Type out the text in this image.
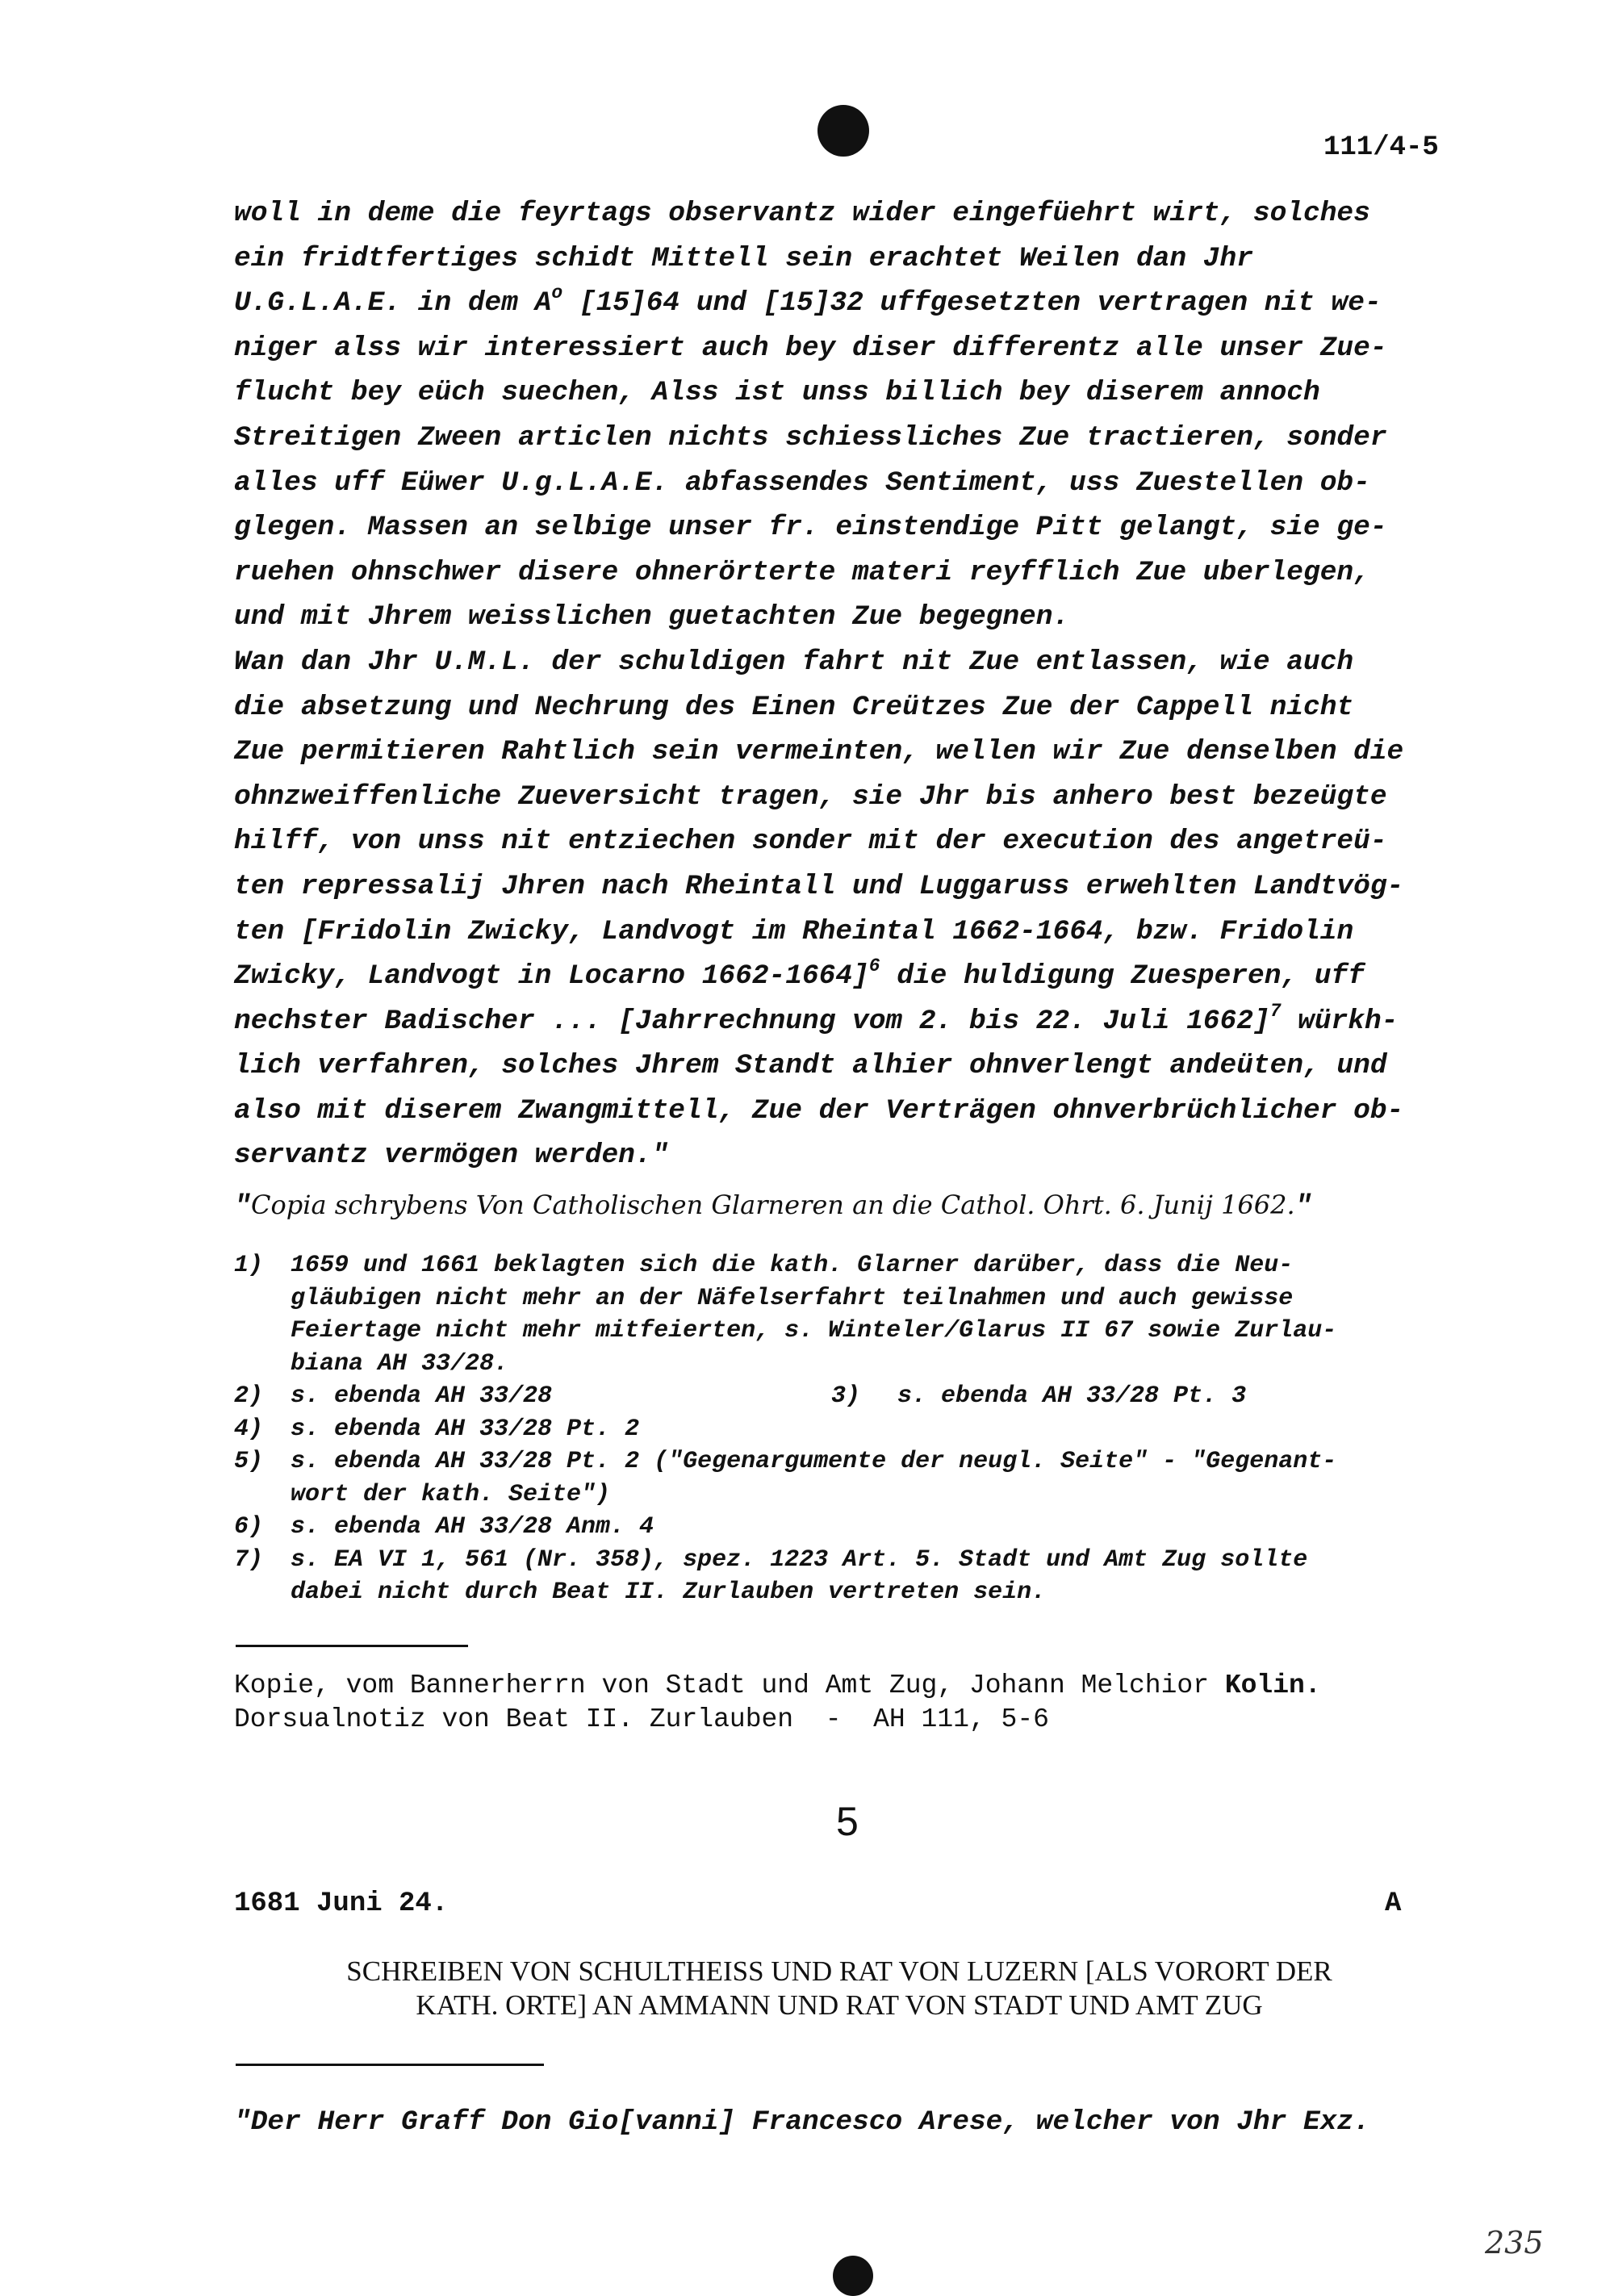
111/4-5
woll in deme die feyrtags observantz wider eingefüehrt wirt, solches
ein fridtfertiges schidt Mittell sein erachtet Weilen dan Jhr
U.G.L.A.E. in dem $A^o$ [15]64 und [15]32 uffgesetzten vertragen nit we-
niger alss wir interessiert auch bey diser differentz alle unser Zue-
flucht bey eüch suechen, Alss ist unss billich bey diserem annoch
Streitigen Zween articlen nichts schiessliches Zue tractieren, sonder
alles uff Eüwer U.g.L.A.E. abfassendes Sentiment, uss Zuestellen ob-
glegen. Massen an selbige unser fr. einstendige Pitt gelangt, sie ge-
ruehen ohnschwer disere ohnerörterte materi reyfflich Zue uberlegen,
und mit Jhrem weisslichen guetachten Zue begegnen.
Wan dan Jhr U.M.L. der schuldigen fahrt nit Zue entlassen, wie auch
die absetzung und Nechrung des Einen Creützes Zue der Cappell nicht
Zue permitieren Rahtlich sein vermeinten, wellen wir Zue denselben die
ohnzweiffenliche Zueversicht tragen, sie Jhr bis anhero best bezeügte
hilff, von unss nit entziechen sonder mit der execution des angetreü-
ten repressalij Jhren nach Rheintall und Luggaruss erwehlten Landtvög-
ten [Fridolin Zwicky, Landvogt im Rheintal 1662-1664, bzw. Fridolin
Zwicky, Landvogt in Locarno 1662-1664]$^6$ die huldigung Zuesperen, uff
nechster Badischer ... [Jahrrechnung vom 2. bis 22. Juli 1662]$^7$ würkh-
lich verfahren, solches Jhrem Standt alhier ohnverlengt andeüten, und
also mit diserem Zwangmittell, Zue der Verträgen ohnverbrüchlicher ob-
servantz vermögen werden."
"Copia schrybens Von Catholischen Glarneren an die Cathol. Ohrt. 6. Junij 1662."
1)	1659 und 1661 beklagten sich die kath. Glarner darüber, dass die Neu-
gläubigen nicht mehr an der Näfelserfahrt teilnahmen und auch gewisse
Feiertage nicht mehr mitfeierten, s. Winteler/Glarus II 67 sowie Zurlau-
biana AH 33/28.
2)	s. ebenda AH 33/28	3)	s. ebenda AH 33/28 Pt. 3
4)	s. ebenda AH 33/28 Pt. 2
5)	s. ebenda AH 33/28 Pt. 2 ("Gegenargumente der neugl. Seite" - "Gegenant-
wort der kath. Seite")
6)	s. ebenda AH 33/28 Anm. 4
7)	s. EA VI 1, 561 (Nr. 358), spez. 1223 Art. 5. Stadt und Amt Zug sollte
dabei nicht durch Beat II. Zurlauben vertreten sein.
Kopie, vom Bannerherrn von Stadt und Amt Zug, Johann Melchior Kolin.
Dorsualnotiz von Beat II. Zurlauben  -  AH 111, 5-6
5
1681 Juni 24.	A
SCHREIBEN VON SCHULTHEISS UND RAT VON LUZERN [ALS VORORT DER
KATH. ORTE] AN AMMANN UND RAT VON STADT UND AMT ZUG
"Der Herr Graff Don Gio[vanni] Francesco Arese, welcher von Jhr Exz.
235
